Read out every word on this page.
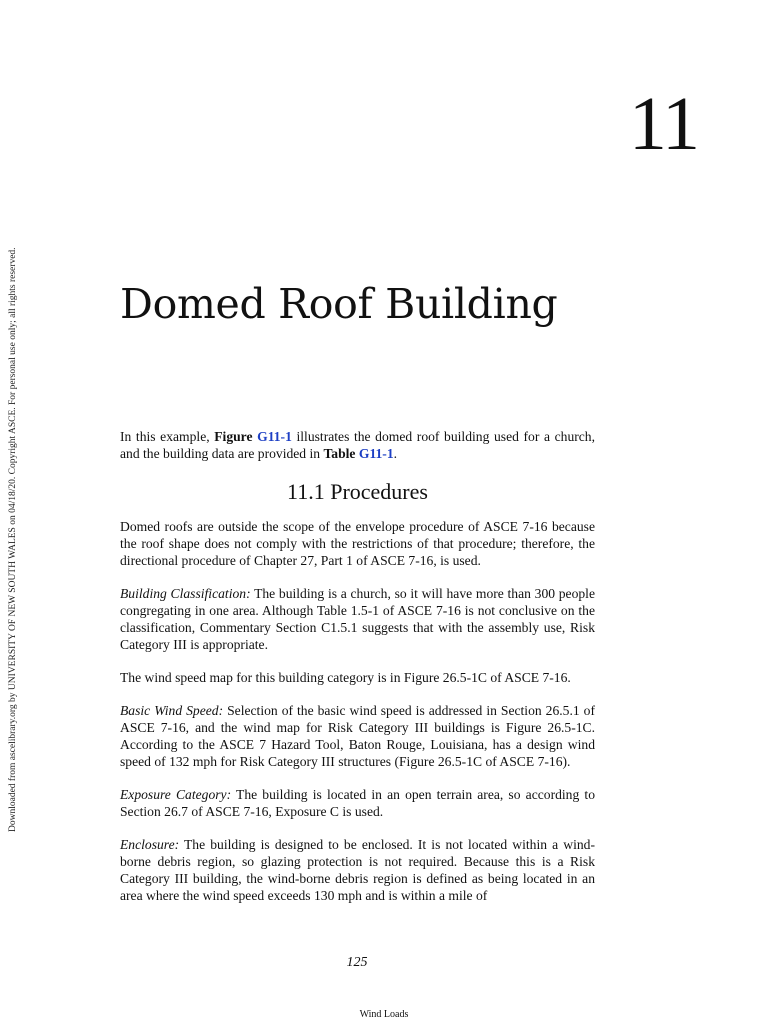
Downloaded from ascelibrary.org by UNIVERSITY OF NEW SOUTH WALES on 04/18/20. Copyright ASCE. For personal use only; all rights reserved.
11
Domed Roof Building

In this example, Figure G11-1 illustrates the domed roof building used for a church, and the building data are provided in Table G11-1.

11.1 Procedures

Domed roofs are outside the scope of the envelope procedure of ASCE 7-16 because the roof shape does not comply with the restrictions of that procedure; therefore, the directional procedure of Chapter 27, Part 1 of ASCE 7-16, is used.

Building Classification: The building is a church, so it will have more than 300 people congregating in one area. Although Table 1.5-1 of ASCE 7-16 is not conclusive on the classification, Commentary Section C1.5.1 suggests that with the assembly use, Risk Category III is appropriate.

The wind speed map for this building category is in Figure 26.5-1C of ASCE 7-16.

Basic Wind Speed: Selection of the basic wind speed is addressed in Section 26.5.1 of ASCE 7-16, and the wind map for Risk Category III buildings is Figure 26.5-1C. According to the ASCE 7 Hazard Tool, Baton Rouge, Louisiana, has a design wind speed of 132 mph for Risk Category III structures (Figure 26.5-1C of ASCE 7-16).

Exposure Category: The building is located in an open terrain area, so according to Section 26.7 of ASCE 7-16, Exposure C is used.

Enclosure: The building is designed to be enclosed. It is not located within a wind-borne debris region, so glazing protection is not required. Because this is a Risk Category III building, the wind-borne debris region is defined as being located in an area where the wind speed exceeds 130 mph and is within a mile of

125
Wind Loads
